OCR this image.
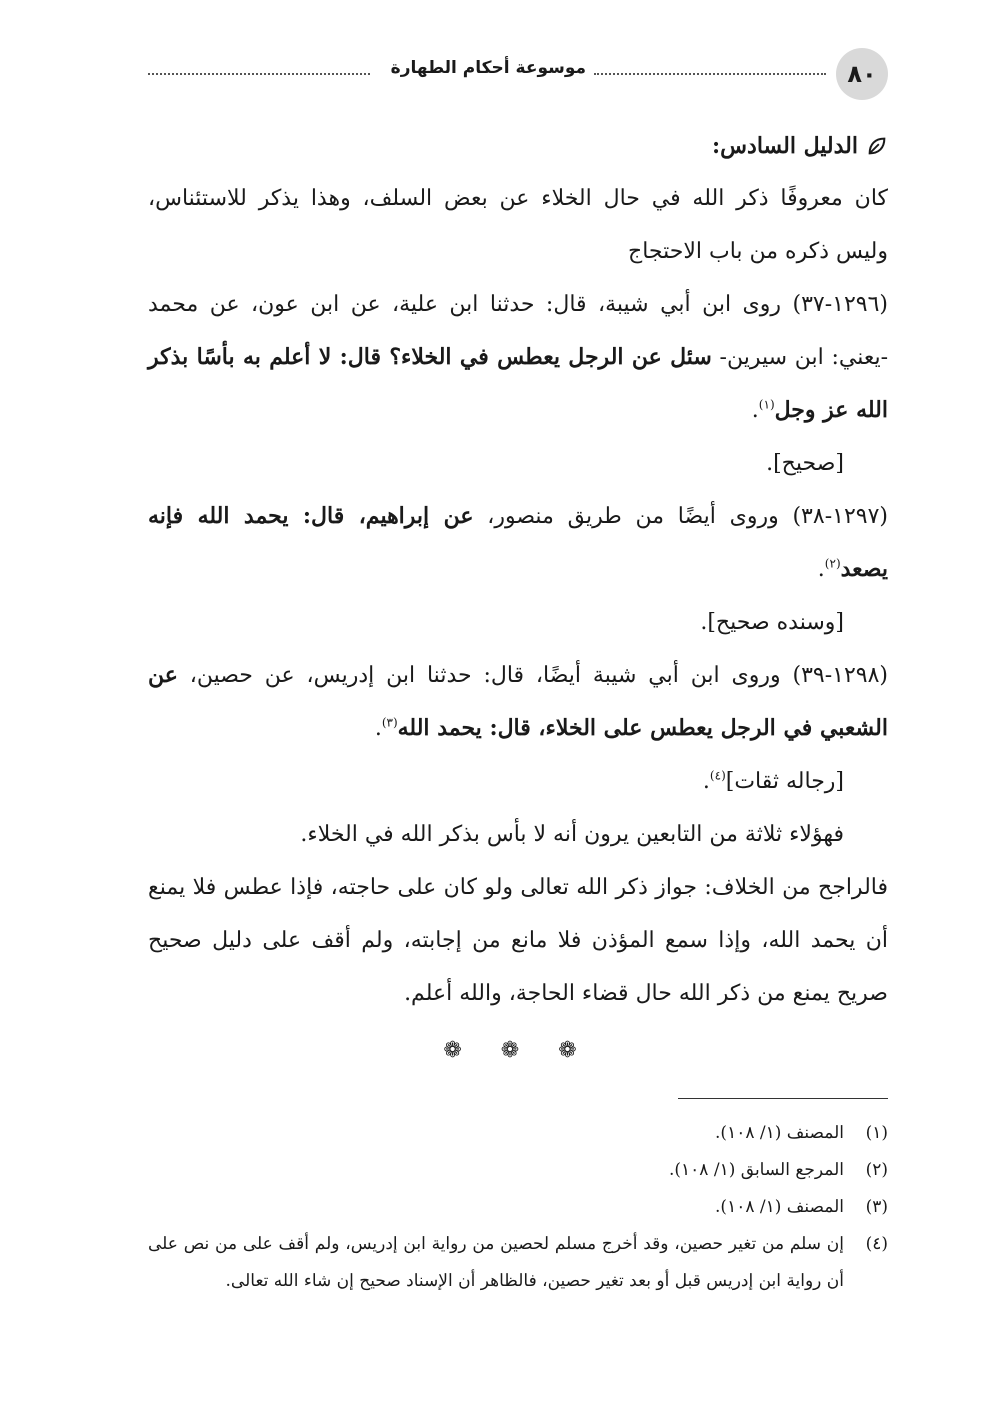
٨٠
موسوعة أحكام الطهارة

الدليل السادس:

كان معروفًا ذكر الله في حال الخلاء عن بعض السلف، وهذا يذكر للاستئناس، وليس ذكره من باب الاحتجاج

(١٢٩٦-٣٧) روى ابن أبي شيبة، قال: حدثنا ابن علية، عن ابن عون، عن محمد -يعني: ابن سيرين- سئل عن الرجل يعطس في الخلاء؟ قال: لا أعلم به بأسًا بذكر الله عز وجل$^{(١)}$.

[صحيح].

(١٢٩٧-٣٨) وروى أيضًا من طريق منصور، عن إبراهيم، قال: يحمد الله فإنه يصعد$^{(٢)}$.

[وسنده صحيح].

(١٢٩٨-٣٩) وروى ابن أبي شيبة أيضًا، قال: حدثنا ابن إدريس، عن حصين، عن الشعبي في الرجل يعطس على الخلاء، قال: يحمد الله$^{(٣)}$.

[رجاله ثقات]$^{(٤)}$.

فهؤلاء ثلاثة من التابعين يرون أنه لا بأس بذكر الله في الخلاء.

فالراجح من الخلاف: جواز ذكر الله تعالى ولو كان على حاجته، فإذا عطس فلا يمنع أن يحمد الله، وإذا سمع المؤذن فلا مانع من إجابته، ولم أقف على دليل صحيح صريح يمنع من ذكر الله حال قضاء الحاجة، والله أعلم.

❁ ❁ ❁
(١)
المصنف (١/ ١٠٨).
(٢)
المرجع السابق (١/ ١٠٨).
(٣)
المصنف (١/ ١٠٨).
(٤)
إن سلم من تغير حصين، وقد أخرج مسلم لحصين من رواية ابن إدريس، ولم أقف على من نص على أن رواية ابن إدريس قبل أو بعد تغير حصين، فالظاهر أن الإسناد صحيح إن شاء الله تعالى.
